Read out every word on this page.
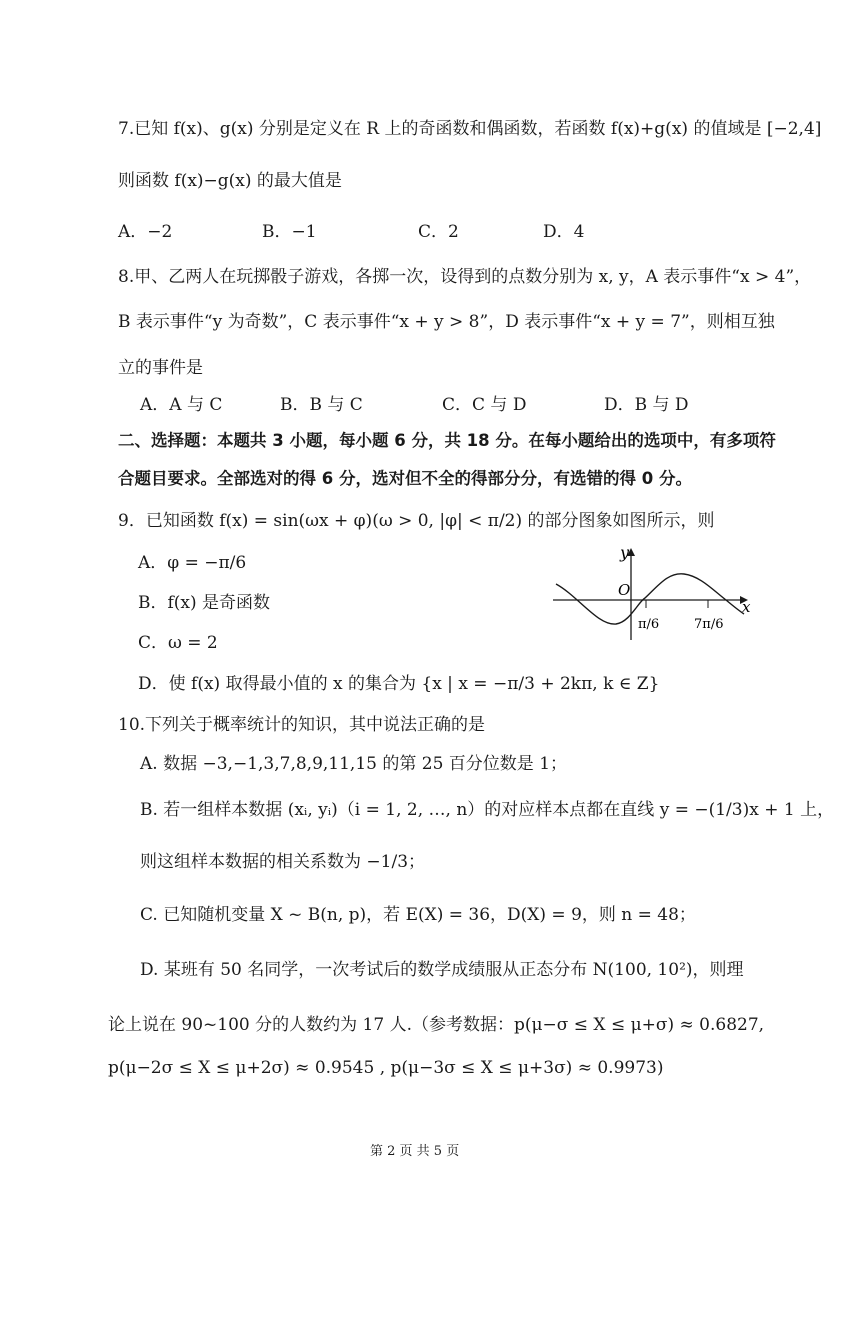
7.已知 f(x)、g(x) 分别是定义在 R 上的奇函数和偶函数，若函数 f(x)+g(x) 的值域是 [−2,4]
则函数 f(x)−g(x) 的最大值是
A．−2	B．−1	C．2	D．4
8.甲、乙两人在玩掷骰子游戏，各掷一次，设得到的点数分别为 x, y，A 表示事件“x > 4”，
B 表示事件“y 为奇数”，C 表示事件“x + y > 8”，D 表示事件“x + y = 7”，则相互独
立的事件是
A．A 与 C	B．B 与 C	C．C 与 D	D．B 与 D
二、选择题：本题共 3 小题，每小题 6 分，共 18 分。在每小题给出的选项中，有多项符
合题目要求。全部选对的得 6 分，选对但不全的得部分分，有选错的得 0 分。
9．已知函数 f(x) = sin(ωx + φ)(ω > 0, |φ| < π/2) 的部分图象如图所示，则
A．φ = −π/6
B．f(x) 是奇函数
C．ω = 2
D．使 f(x) 取得最小值的 x 的集合为 {x | x = −π/3 + 2kπ, k ∈ Z}
y
x
O
π/6	7π/6
10.下列关于概率统计的知识，其中说法正确的是
A. 数据 −3,−1,3,7,8,9,11,15 的第 25 百分位数是 1；
B. 若一组样本数据 (xᵢ, yᵢ)（i = 1, 2, …, n）的对应样本点都在直线 y = −(1/3)x + 1 上，
则这组样本数据的相关系数为 −1/3；
C. 已知随机变量 X ~ B(n, p)，若 E(X) = 36，D(X) = 9，则 n = 48；
D. 某班有 50 名同学，一次考试后的数学成绩服从正态分布 N(100, 10²)，则理
论上说在 90~100 分的人数约为 17 人.（参考数据：p(μ−σ ≤ X ≤ μ+σ) ≈ 0.6827,
p(μ−2σ ≤ X ≤ μ+2σ) ≈ 0.9545 , p(μ−3σ ≤ X ≤ μ+3σ) ≈ 0.9973)
第 2 页 共 5 页
